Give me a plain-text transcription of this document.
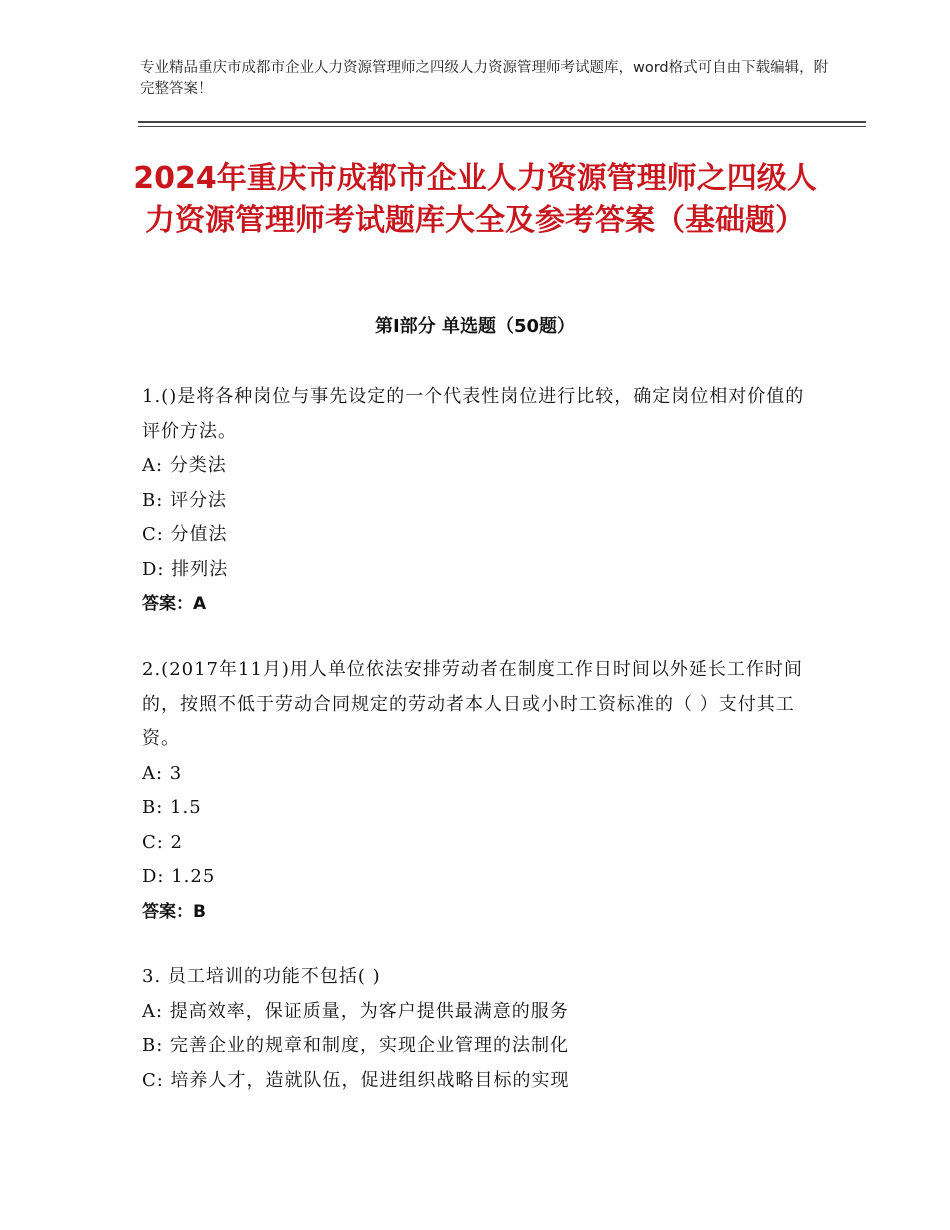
专业精品重庆市成都市企业人力资源管理师之四级人力资源管理师考试题库，word格式可自由下载编辑，附完整答案！
2024年重庆市成都市企业人力资源管理师之四级人力资源管理师考试题库大全及参考答案（基础题）
第Ⅰ部分 单选题（50题）

1.()是将各种岗位与事先设定的一个代表性岗位进行比较，确定岗位相对价值的评价方法。

A: 分类法

B: 评分法

C: 分值法

D: 排列法

答案：A

2.(2017年11月)用人单位依法安排劳动者在制度工作日时间以外延长工作时间的，按照不低于劳动合同规定的劳动者本人日或小时工资标准的（ ）支付其工资。

A: 3

B: 1.5

C: 2

D: 1.25

答案：B

3. 员工培训的功能不包括( )

A: 提高效率，保证质量，为客户提供最满意的服务

B: 完善企业的规章和制度，实现企业管理的法制化

C: 培养人才，造就队伍，促进组织战略目标的实现
